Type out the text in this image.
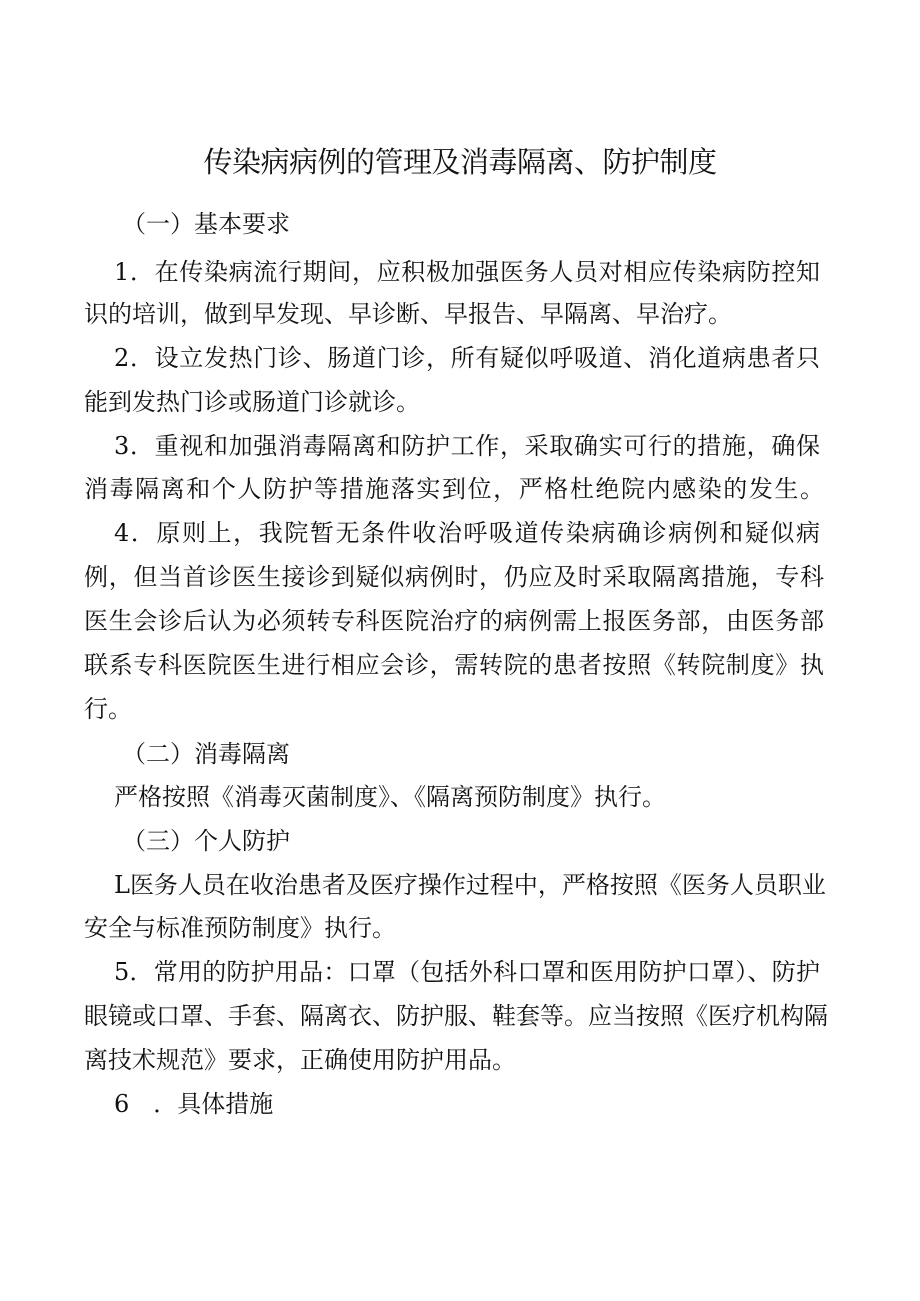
传染病病例的管理及消毒隔离、防护制度
（一）基本要求
1．在传染病流行期间，应积极加强医务人员对相应传染病防控知
识的培训，做到早发现、早诊断、早报告、早隔离、早治疗。
2．设立发热门诊、肠道门诊，所有疑似呼吸道、消化道病患者只
能到发热门诊或肠道门诊就诊。
3．重视和加强消毒隔离和防护工作，采取确实可行的措施，确保
消毒隔离和个人防护等措施落实到位，严格杜绝院内感染的发生。
4．原则上，我院暂无条件收治呼吸道传染病确诊病例和疑似病
例，但当首诊医生接诊到疑似病例时，仍应及时采取隔离措施，专科
医生会诊后认为必须转专科医院治疗的病例需上报医务部，由医务部
联系专科医院医生进行相应会诊，需转院的患者按照《转院制度》执
行。
（二）消毒隔离
严格按照《消毒灭菌制度》、《隔离预防制度》执行。
（三）个人防护
L医务人员在收治患者及医疗操作过程中，严格按照《医务人员职业
安全与标准预防制度》执行。
5．常用的防护用品：口罩（包括外科口罩和医用防护口罩）、防护
眼镜或口罩、手套、隔离衣、防护服、鞋套等。应当按照《医疗机构隔
离技术规范》要求，正确使用防护用品。
6　．具体措施
